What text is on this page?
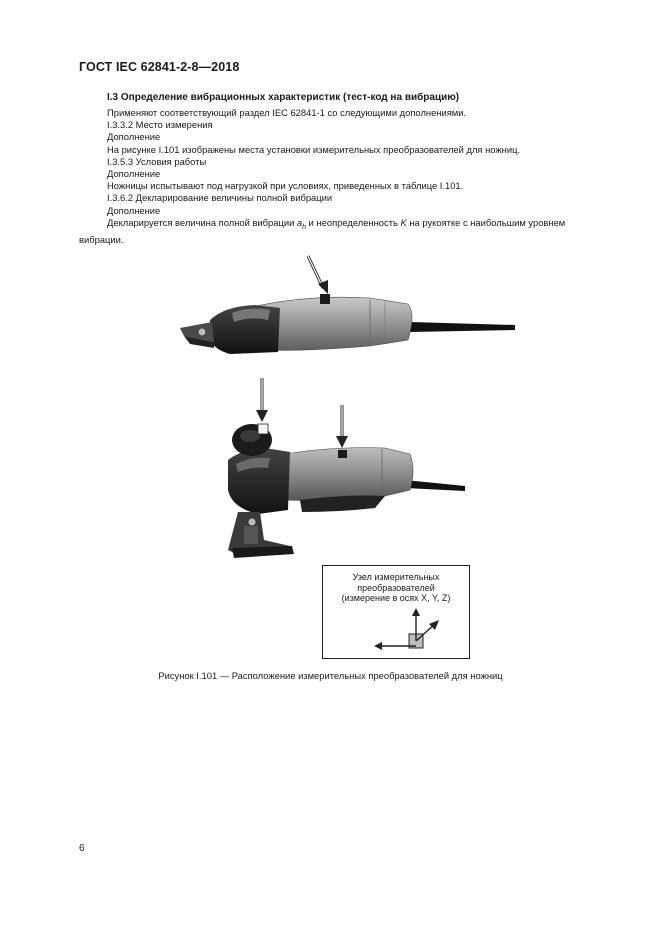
ГОСТ IEC 62841-2-8—2018
I.3 Определение вибрационных характеристик (тест-код на вибрацию)
Применяют соответствующий раздел IEC 62841-1 со следующими дополнениями.
I.3.3.2 Место измерения
Дополнение
На рисунке I.101 изображены места установки измерительных преобразователей для ножниц.
I.3.5.3 Условия работы
Дополнение
Ножницы испытывают под нагрузкой при условиях, приведенных в таблице I.101.
I.3.6.2 Декларирование величины полной вибрации
Дополнение
Декларируется величина полной вибрации $a_h$ и неопределенность K на рукоятке с наибольшим уровнем
вибрации.
Узел измерительных
преобразователей
(измерение в осях X, Y, Z)
Рисунок I.101 — Расположение измерительных преобразователей для ножниц
6
